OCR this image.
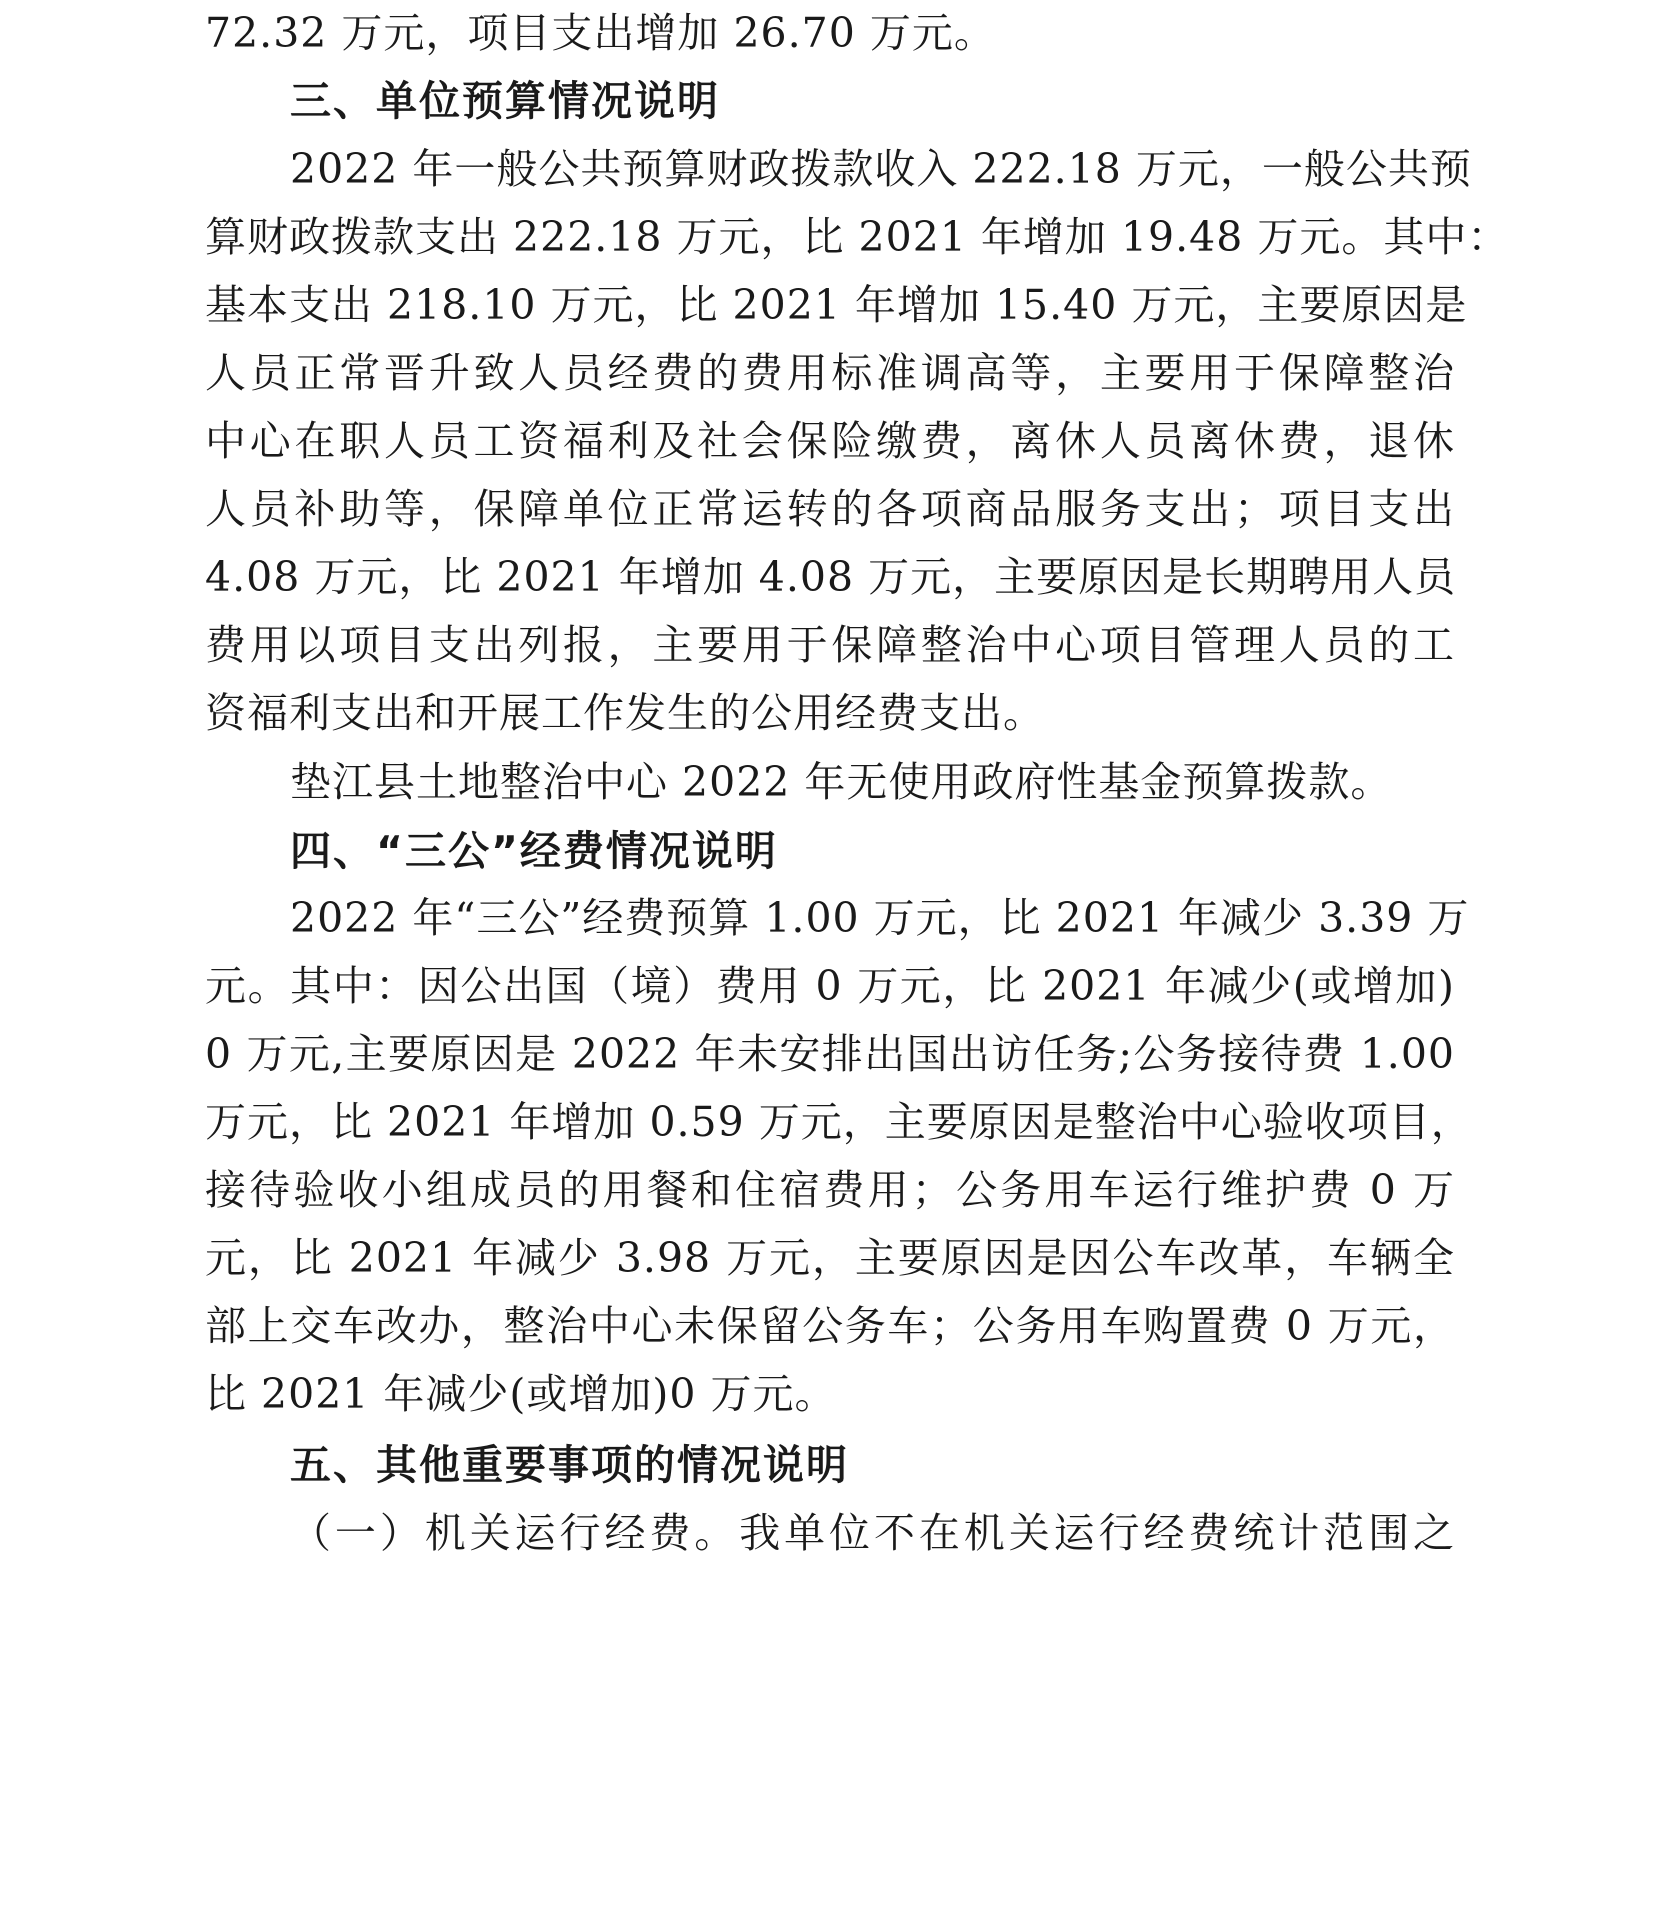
72.32 万元，项目支出增加 26.70 万元。
三、单位预算情况说明
2022 年一般公共预算财政拨款收入 222.18 万元，一般公共预
算财政拨款支出 222.18 万元，比 2021 年增加 19.48 万元。其中：
基本支出 218.10 万元，比 2021 年增加 15.40 万元，主要原因是
人员正常晋升致人员经费的费用标准调高等，主要用于保障整治
中心在职人员工资福利及社会保险缴费，离休人员离休费，退休
人员补助等，保障单位正常运转的各项商品服务支出；项目支出
4.08 万元，比 2021 年增加 4.08 万元，主要原因是长期聘用人员
费用以项目支出列报，主要用于保障整治中心项目管理人员的工
资福利支出和开展工作发生的公用经费支出。
垫江县土地整治中心 2022 年无使用政府性基金预算拨款。
四、“三公”经费情况说明
2022 年“三公”经费预算 1.00 万元，比 2021 年减少 3.39 万
元。其中：因公出国（境）费用 0 万元，比 2021 年减少(或增加)
0 万元,主要原因是 2022 年未安排出国出访任务;公务接待费 1.00
万元，比 2021 年增加 0.59 万元，主要原因是整治中心验收项目，
接待验收小组成员的用餐和住宿费用；公务用车运行维护费 0 万
元，比 2021 年减少 3.98 万元，主要原因是因公车改革，车辆全
部上交车改办，整治中心未保留公务车；公务用车购置费 0 万元，
比 2021 年减少(或增加)0 万元。
五、其他重要事项的情况说明
（一）机关运行经费。我单位不在机关运行经费统计范围之
